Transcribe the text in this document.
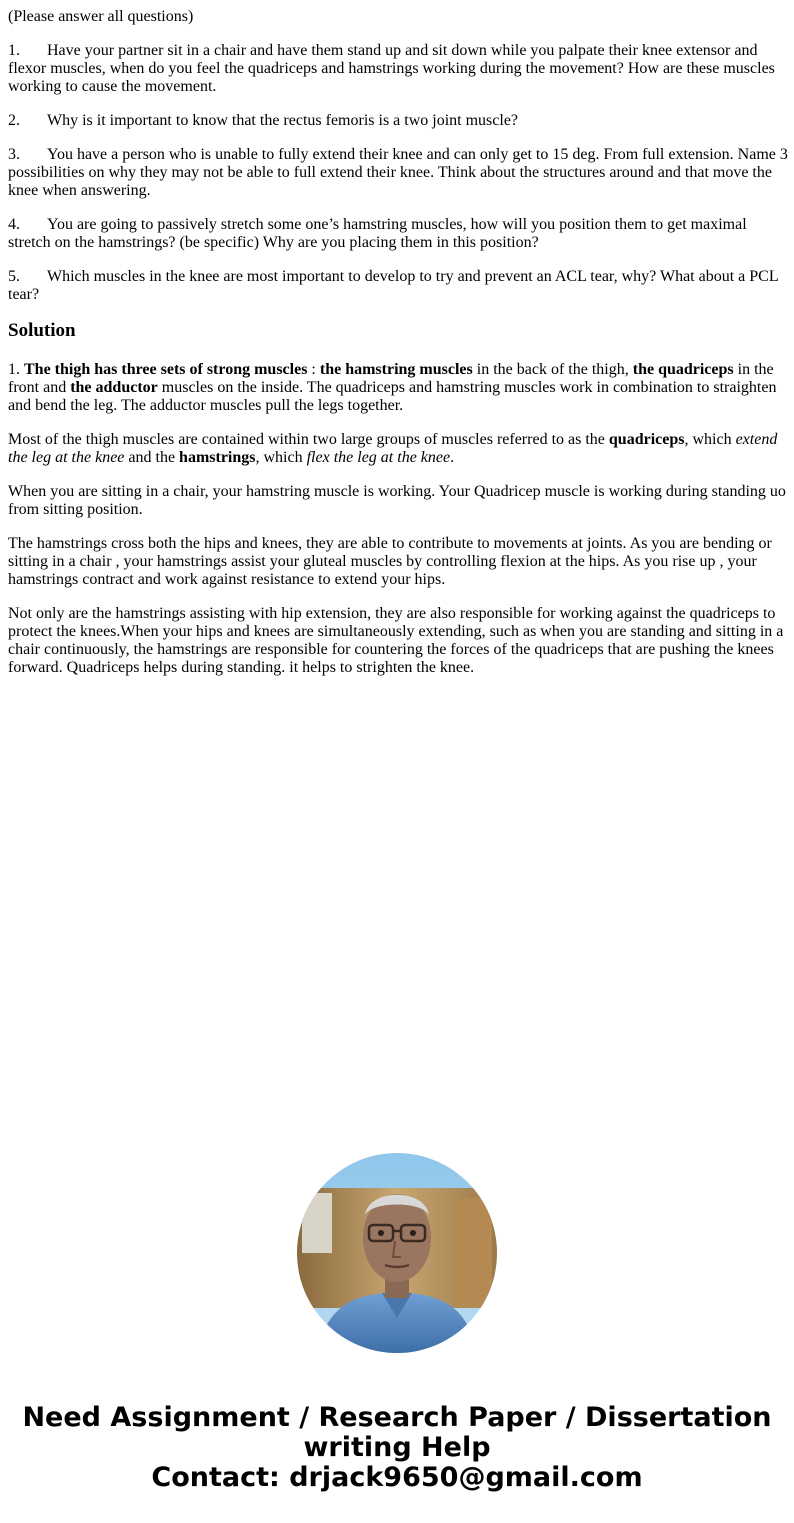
(Please answer all questions)

1. Have your partner sit in a chair and have them stand up and sit down while you palpate their knee extensor and flexor muscles, when do you feel the quadriceps and hamstrings working during the movement? How are these muscles working to cause the movement.

2. Why is it important to know that the rectus femoris is a two joint muscle?

3. You have a person who is unable to fully extend their knee and can only get to 15 deg. From full extension. Name 3 possibilities on why they may not be able to full extend their knee. Think about the structures around and that move the knee when answering.

4. You are going to passively stretch some one’s hamstring muscles, how will you position them to get maximal stretch on the hamstrings? (be specific) Why are you placing them in this position?

5. Which muscles in the knee are most important to develop to try and prevent an ACL tear, why? What about a PCL tear?

Solution

1. The thigh has three sets of strong muscles : the hamstring muscles in the back of the thigh, the quadriceps in the front and the adductor muscles on the inside. The quadriceps and hamstring muscles work in combination to straighten and bend the leg. The adductor muscles pull the legs together.

Most of the thigh muscles are contained within two large groups of muscles referred to as the quadriceps, which extend the leg at the knee and the hamstrings, which flex the leg at the knee.

When you are sitting in a chair, your hamstring muscle is working. Your Quadricep muscle is working during standing uo from sitting position.

The hamstrings cross both the hips and knees, they are able to contribute to movements at joints. As you are bending or sitting in a chair , your hamstrings assist your gluteal muscles by controlling flexion at the hips. As you rise up , your hamstrings contract and work against resistance to extend your hips.

Not only are the hamstrings assisting with hip extension, they are also responsible for working against the quadriceps to protect the knees.When your hips and knees are simultaneously extending, such as when you are standing and sitting in a chair continuously, the hamstrings are responsible for countering the forces of the quadriceps that are pushing the knees forward. Quadriceps helps during standing. it helps to strighten the knee.

Need Assignment / Research Paper / Dissertation
writing Help
Contact: drjack9650@gmail.com
